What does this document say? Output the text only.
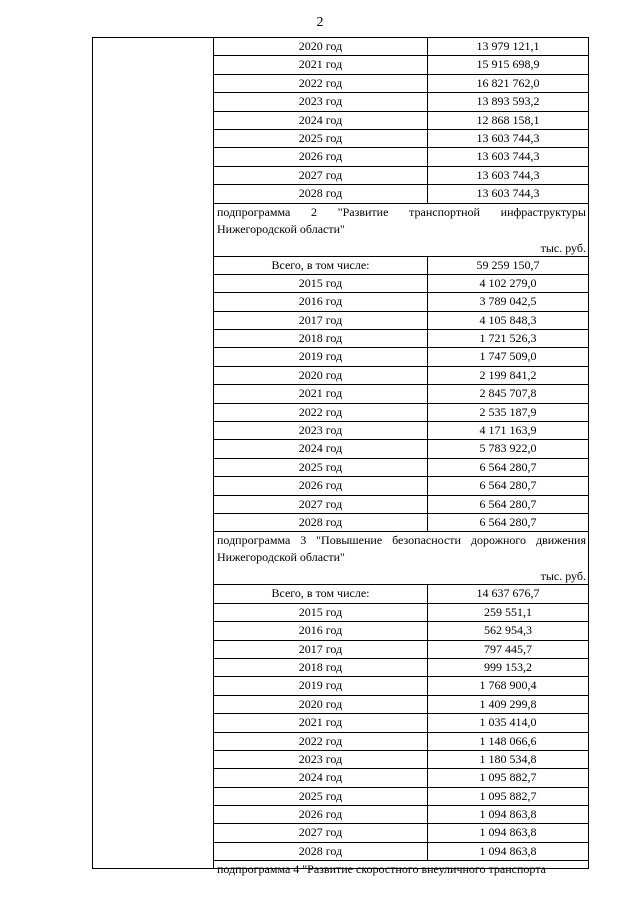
2
2020 год	13 979 121,1
2021 год	15 915 698,9
2022 год	16 821 762,0
2023 год	13 893 593,2
2024 год	12 868 158,1
2025 год	13 603 744,3
2026 год	13 603 744,3
2027 год	13 603 744,3
2028 год	13 603 744,3
подпрограмма 2 "Развитие транспортной инфраструктуры Нижегородской области"
тыс. руб.
Всего, в том числе:	59 259 150,7
2015 год	4 102 279,0
2016 год	3 789 042,5
2017 год	4 105 848,3
2018 год	1 721 526,3
2019 год	1 747 509,0
2020 год	2 199 841,2
2021 год	2 845 707,8
2022 год	2 535 187,9
2023 год	4 171 163,9
2024 год	5 783 922,0
2025 год	6 564 280,7
2026 год	6 564 280,7
2027 год	6 564 280,7
2028 год	6 564 280,7
подпрограмма 3 "Повышение безопасности дорожного движения Нижегородской области"
тыс. руб.
Всего, в том числе:	14 637 676,7
2015 год	259 551,1
2016 год	562 954,3
2017 год	797 445,7
2018 год	999 153,2
2019 год	1 768 900,4
2020 год	1 409 299,8
2021 год	1 035 414,0
2022 год	1 148 066,6
2023 год	1 180 534,8
2024 год	1 095 882,7
2025 год	1 095 882,7
2026 год	1 094 863,8
2027 год	1 094 863,8
2028 год	1 094 863,8
подпрограмма 4 "Развитие скоростного внеуличного транспорта
